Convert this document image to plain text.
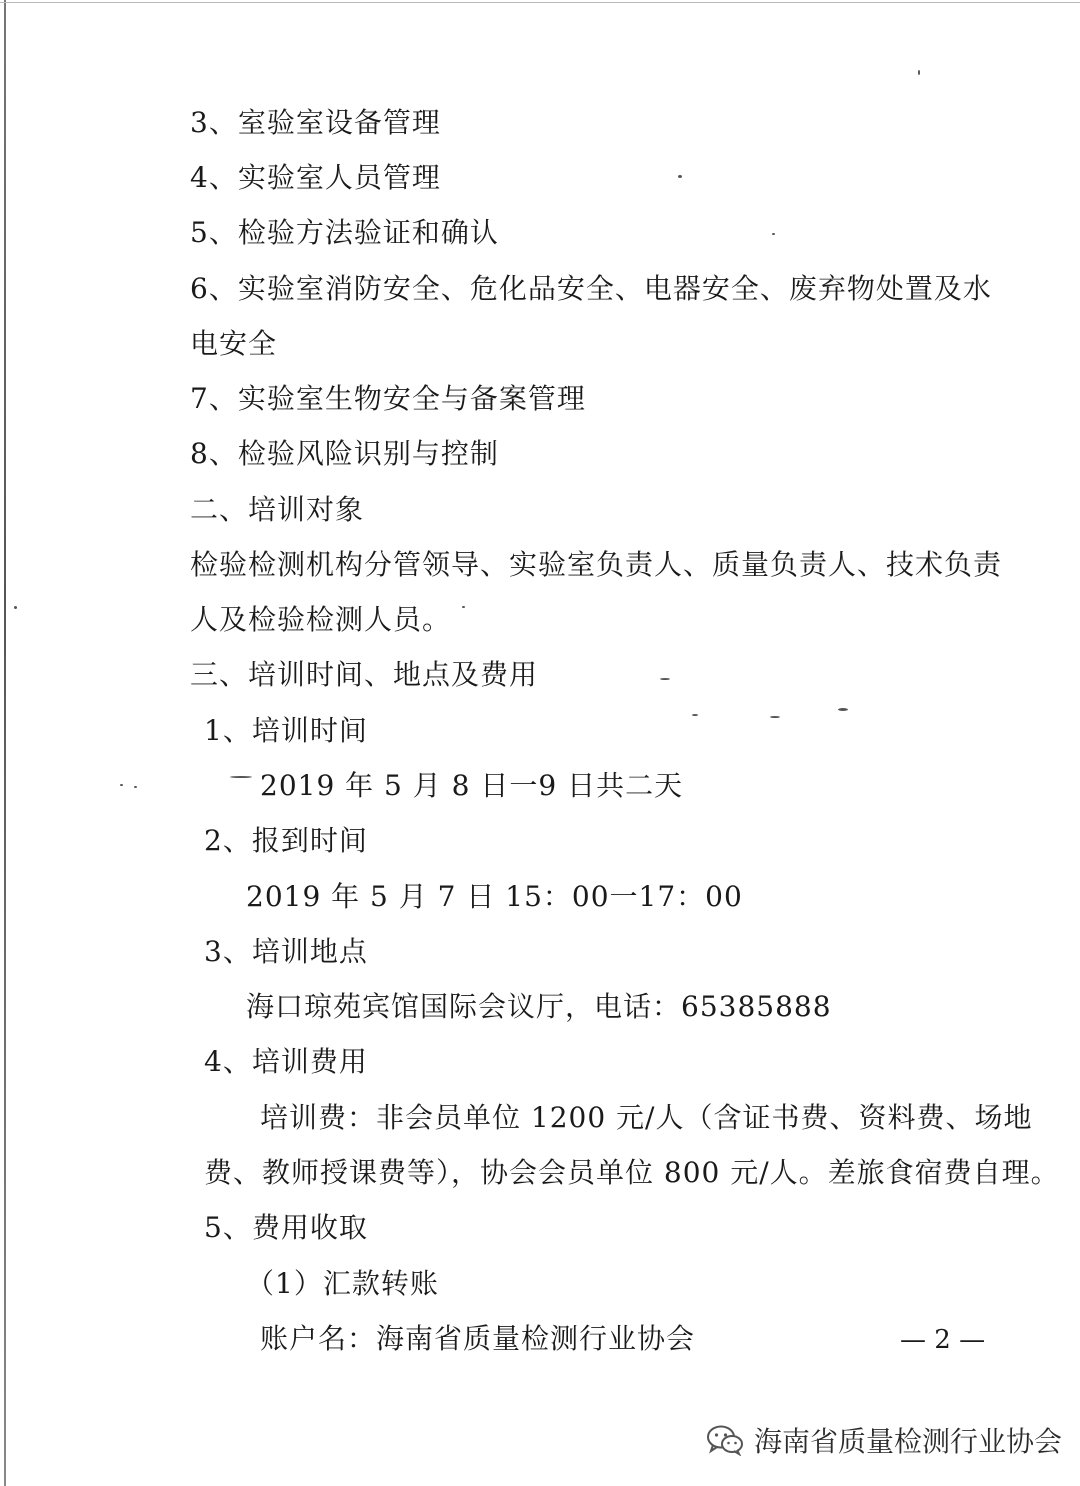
3、室验室设备管理
4、实验室人员管理
5、检验方法验证和确认
6、实验室消防安全、危化品安全、电器安全、废弃物处置及水
电安全
7、实验室生物安全与备案管理
8、检验风险识别与控制
二、培训对象
检验检测机构分管领导、实验室负责人、质量负责人、技术负责
人及检验检测人员。
三、培训时间、地点及费用
1、培训时间
2019 年 5 月 8 日一9 日共二天
2、报到时间
2019 年 5 月 7 日 15：00一17：00
3、培训地点
海口琼苑宾馆国际会议厅，电话：65385888
4、培训费用
培训费：非会员单位 1200 元/人（含证书费、资料费、场地
费、教师授课费等），协会会员单位 800 元/人。差旅食宿费自理。
5、费用收取
（1）汇款转账
账户名：海南省质量检测行业协会	— 2 —
海南省质量检测行业协会
